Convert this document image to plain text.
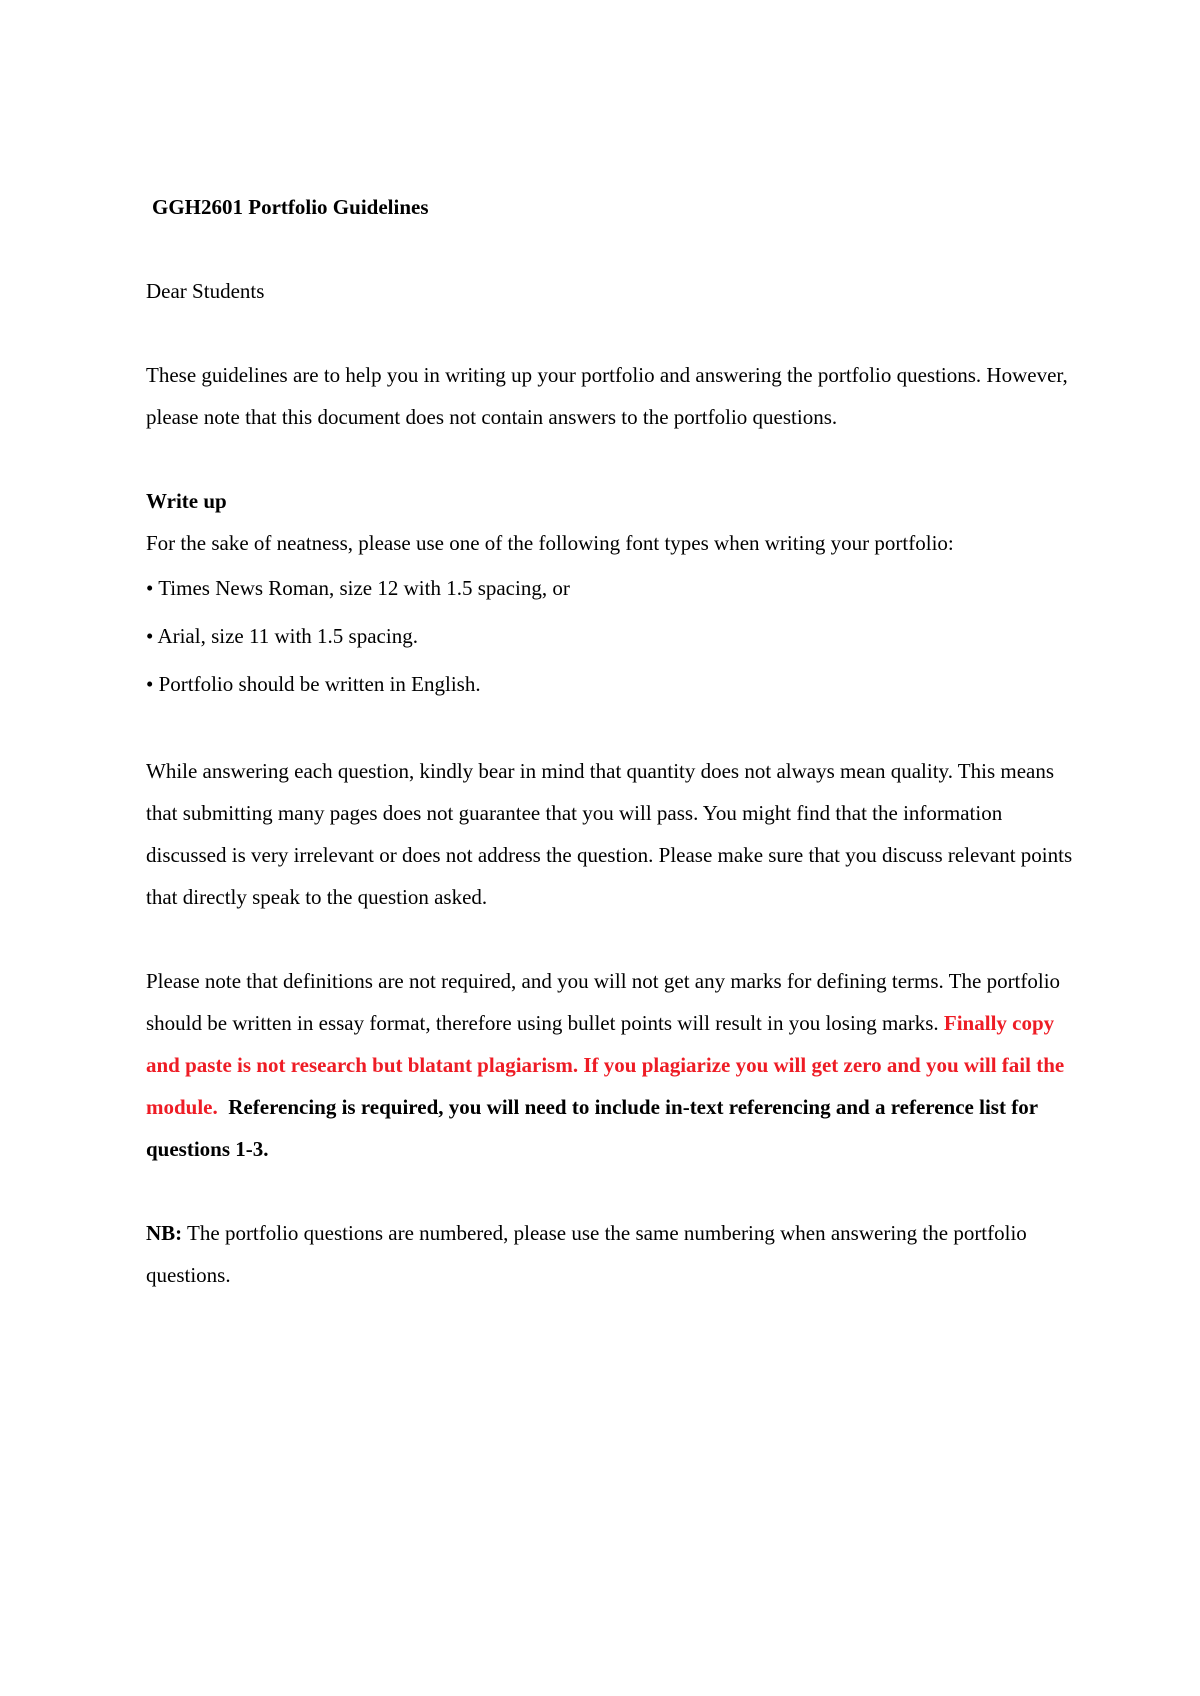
GGH2601 Portfolio Guidelines

Dear Students

These guidelines are to help you in writing up your portfolio and answering the portfolio questions. However, please note that this document does not contain answers to the portfolio questions.

Write up

For the sake of neatness, please use one of the following font types when writing your portfolio:

• Times News Roman, size 12 with 1.5 spacing, or

• Arial, size 11 with 1.5 spacing.

• Portfolio should be written in English.

While answering each question, kindly bear in mind that quantity does not always mean quality. This means that submitting many pages does not guarantee that you will pass. You might find that the information discussed is very irrelevant or does not address the question. Please make sure that you discuss relevant points that directly speak to the question asked.

Please note that definitions are not required, and you will not get any marks for defining terms. The portfolio should be written in essay format, therefore using bullet points will result in you losing marks. Finally copy and paste is not research but blatant plagiarism. If you plagiarize you will get zero and you will fail the module. Referencing is required, you will need to include in-text referencing and a reference list for questions 1-3.

NB: The portfolio questions are numbered, please use the same numbering when answering the portfolio questions.
